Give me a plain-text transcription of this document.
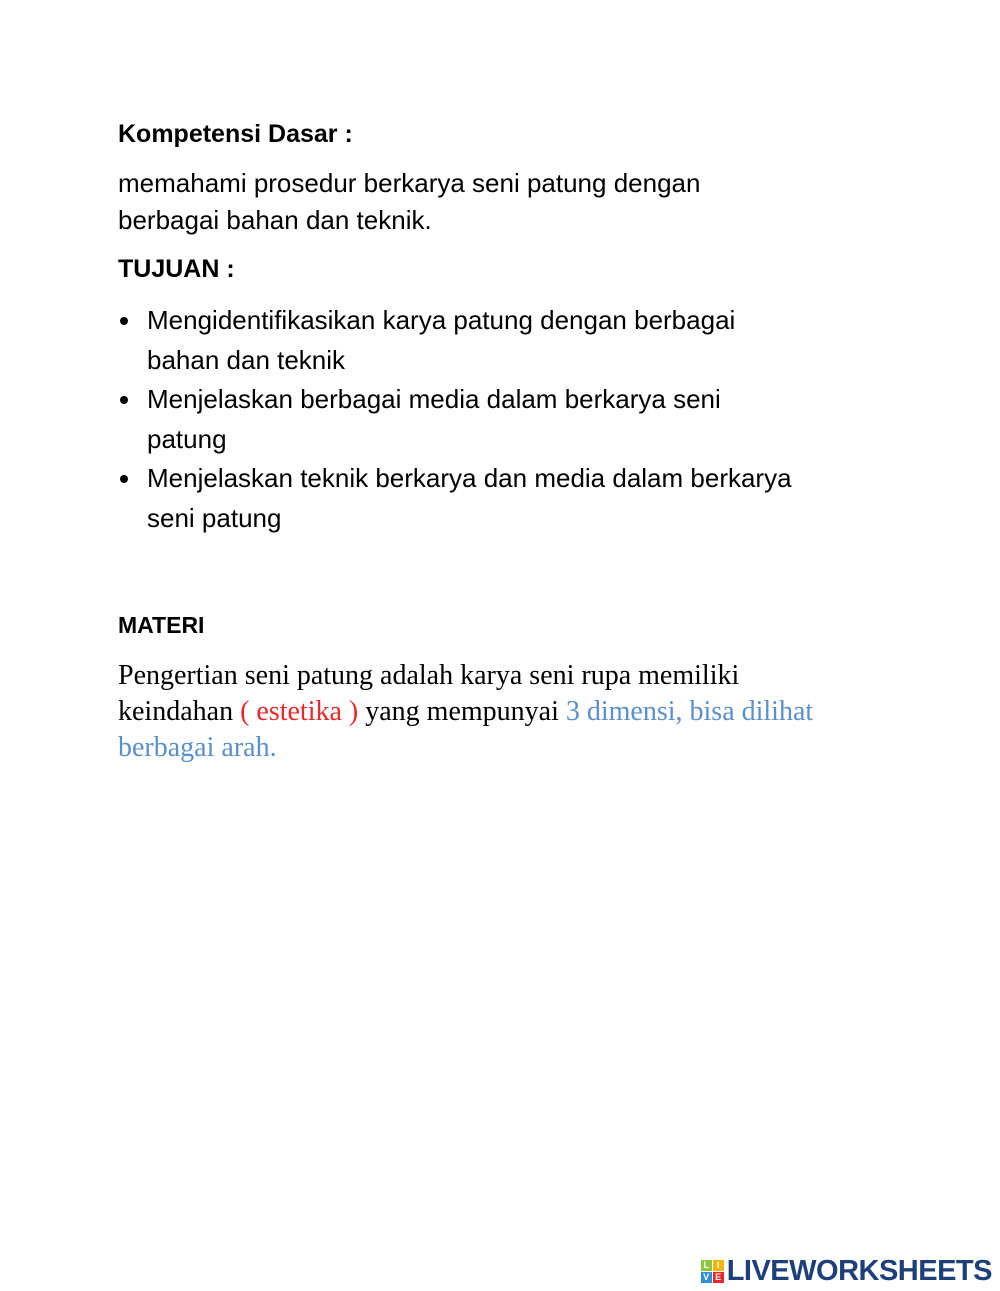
Kompetensi Dasar :
memahami prosedur berkarya seni patung dengan
berbagai bahan dan teknik.
TUJUAN :
Mengidentifikasikan karya patung dengan berbagai
bahan dan teknik
Menjelaskan berbagai media dalam berkarya seni
patung
Menjelaskan teknik berkarya dan media dalam berkarya
seni patung
MATERI
Pengertian seni patung adalah karya seni rupa memiliki
keindahan ( estetika ) yang mempunyai 3 dimensi, bisa dilihat
berbagai arah.
L I
V E LIVEWORKSHEETS
